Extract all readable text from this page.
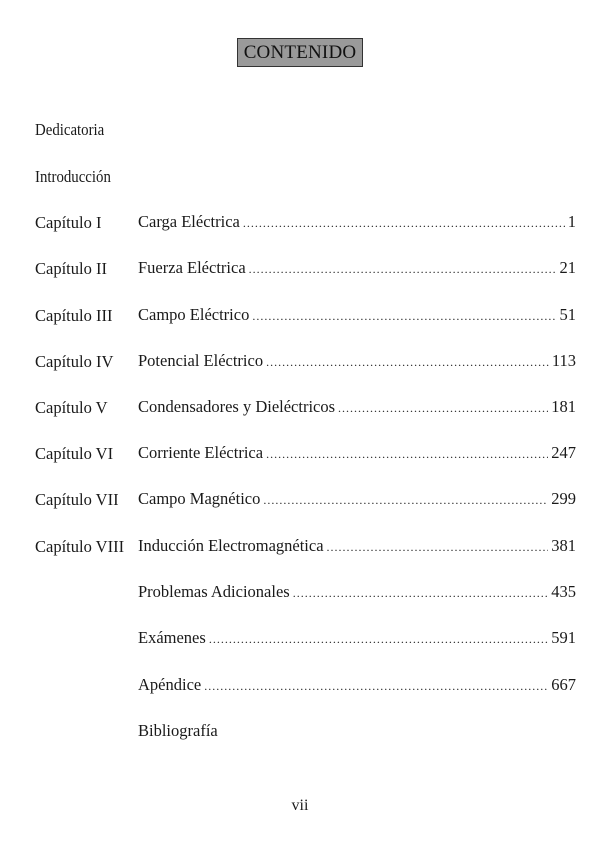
CONTENIDO
Dedicatoria
Introducción
Capítulo I Carga Eléctrica .....	1
Capítulo II Fuerza Eléctrica .....	21
Capítulo III Campo Eléctrico .....	51
Capítulo IV Potencial Eléctrico .....	113
Capítulo V Condensadores y Dieléctricos .....	181
Capítulo VI Corriente Eléctrica .....	247
Capítulo VII Campo Magnético .....	299
Capítulo VIII Inducción Electromagnética .....	381
Problemas Adicionales .....	435
Exámenes .....	591
Apéndice .....	667
Bibliografía
vii
